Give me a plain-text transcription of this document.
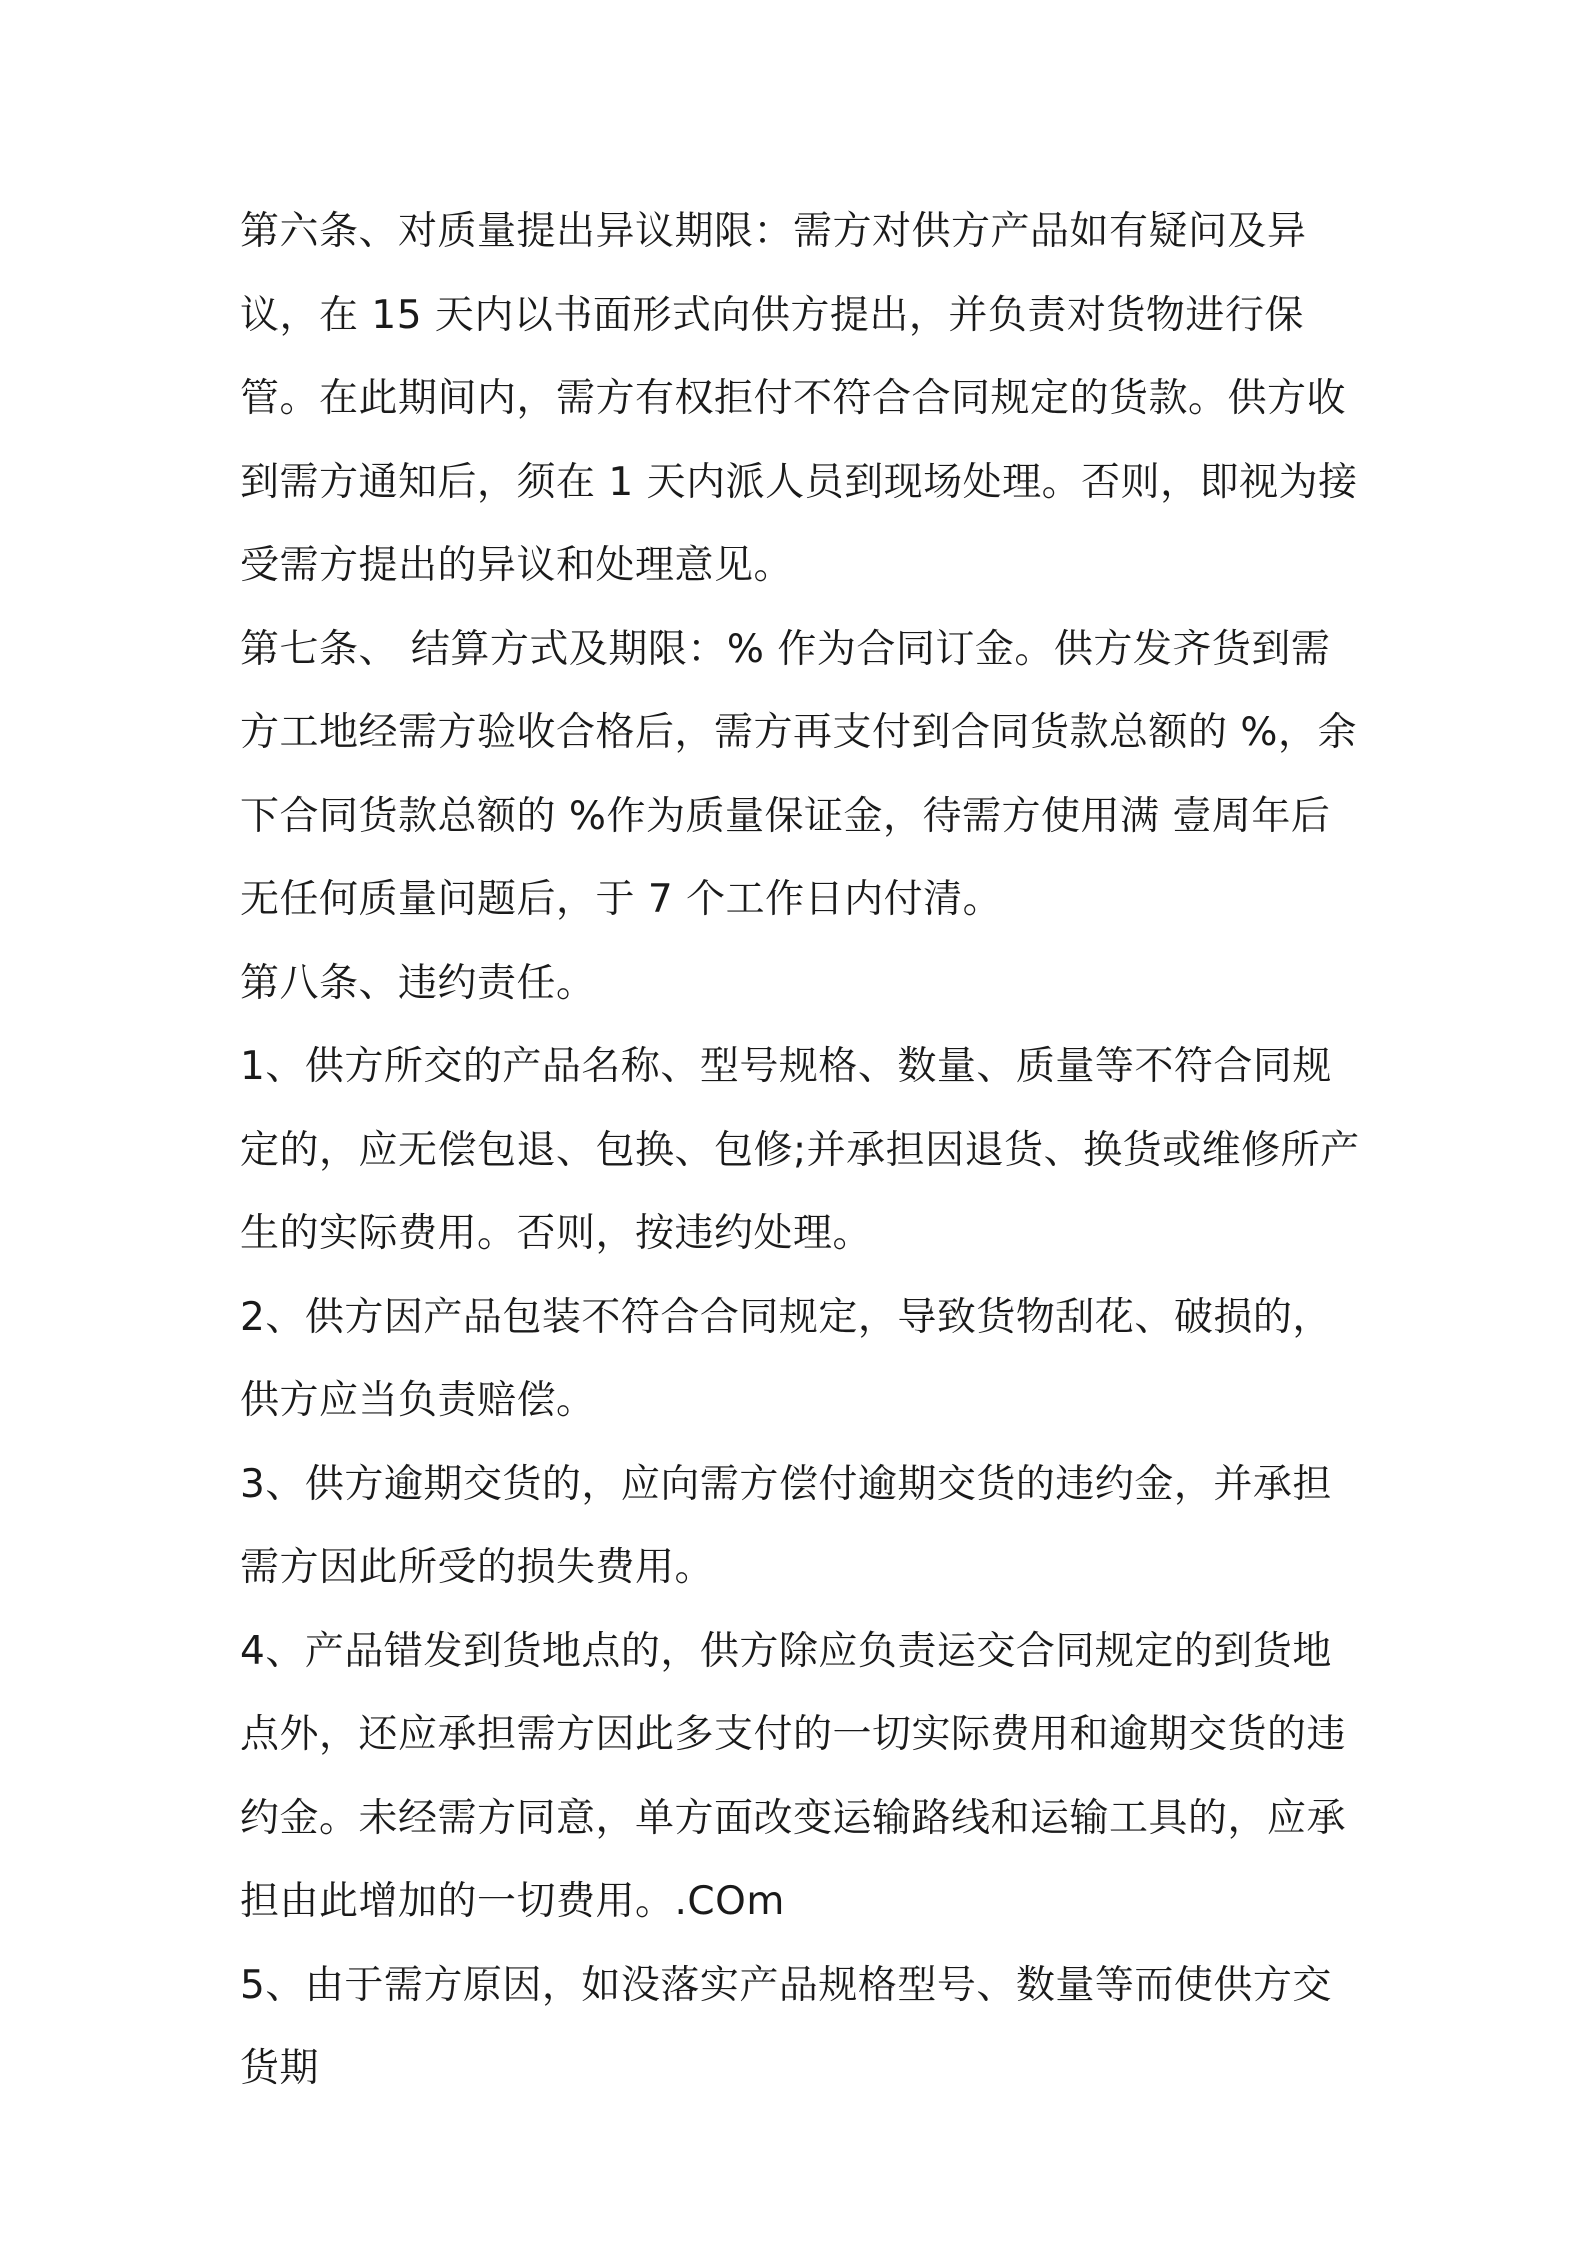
第六条、对质量提出异议期限：需方对供方产品如有疑问及异议，在 15 天内以书面形式向供方提出，并负责对货物进行保管。在此期间内，需方有权拒付不符合合同规定的货款。供方收到需方通知后，须在 1 天内派人员到现场处理。否则，即视为接受需方提出的异议和处理意见。

第七条、 结算方式及期限：% 作为合同订金。供方发齐货到需方工地经需方验收合格后，需方再支付到合同货款总额的 %，余下合同货款总额的 %作为质量保证金，待需方使用满 壹周年后无任何质量问题后，于 7 个工作日内付清。

第八条、违约责任。

1、供方所交的产品名称、型号规格、数量、质量等不符合同规定的，应无偿包退、包换、包修;并承担因退货、换货或维修所产生的实际费用。否则，按违约处理。

2、供方因产品包装不符合合同规定，导致货物刮花、破损的，供方应当负责赔偿。

3、供方逾期交货的，应向需方偿付逾期交货的违约金，并承担需方因此所受的损失费用。

4、产品错发到货地点的，供方除应负责运交合同规定的到货地点外，还应承担需方因此多支付的一切实际费用和逾期交货的违约金。未经需方同意，单方面改变运输路线和运输工具的，应承担由此增加的一切费用。.COm

5、由于需方原因，如没落实产品规格型号、数量等而使供方交货期
